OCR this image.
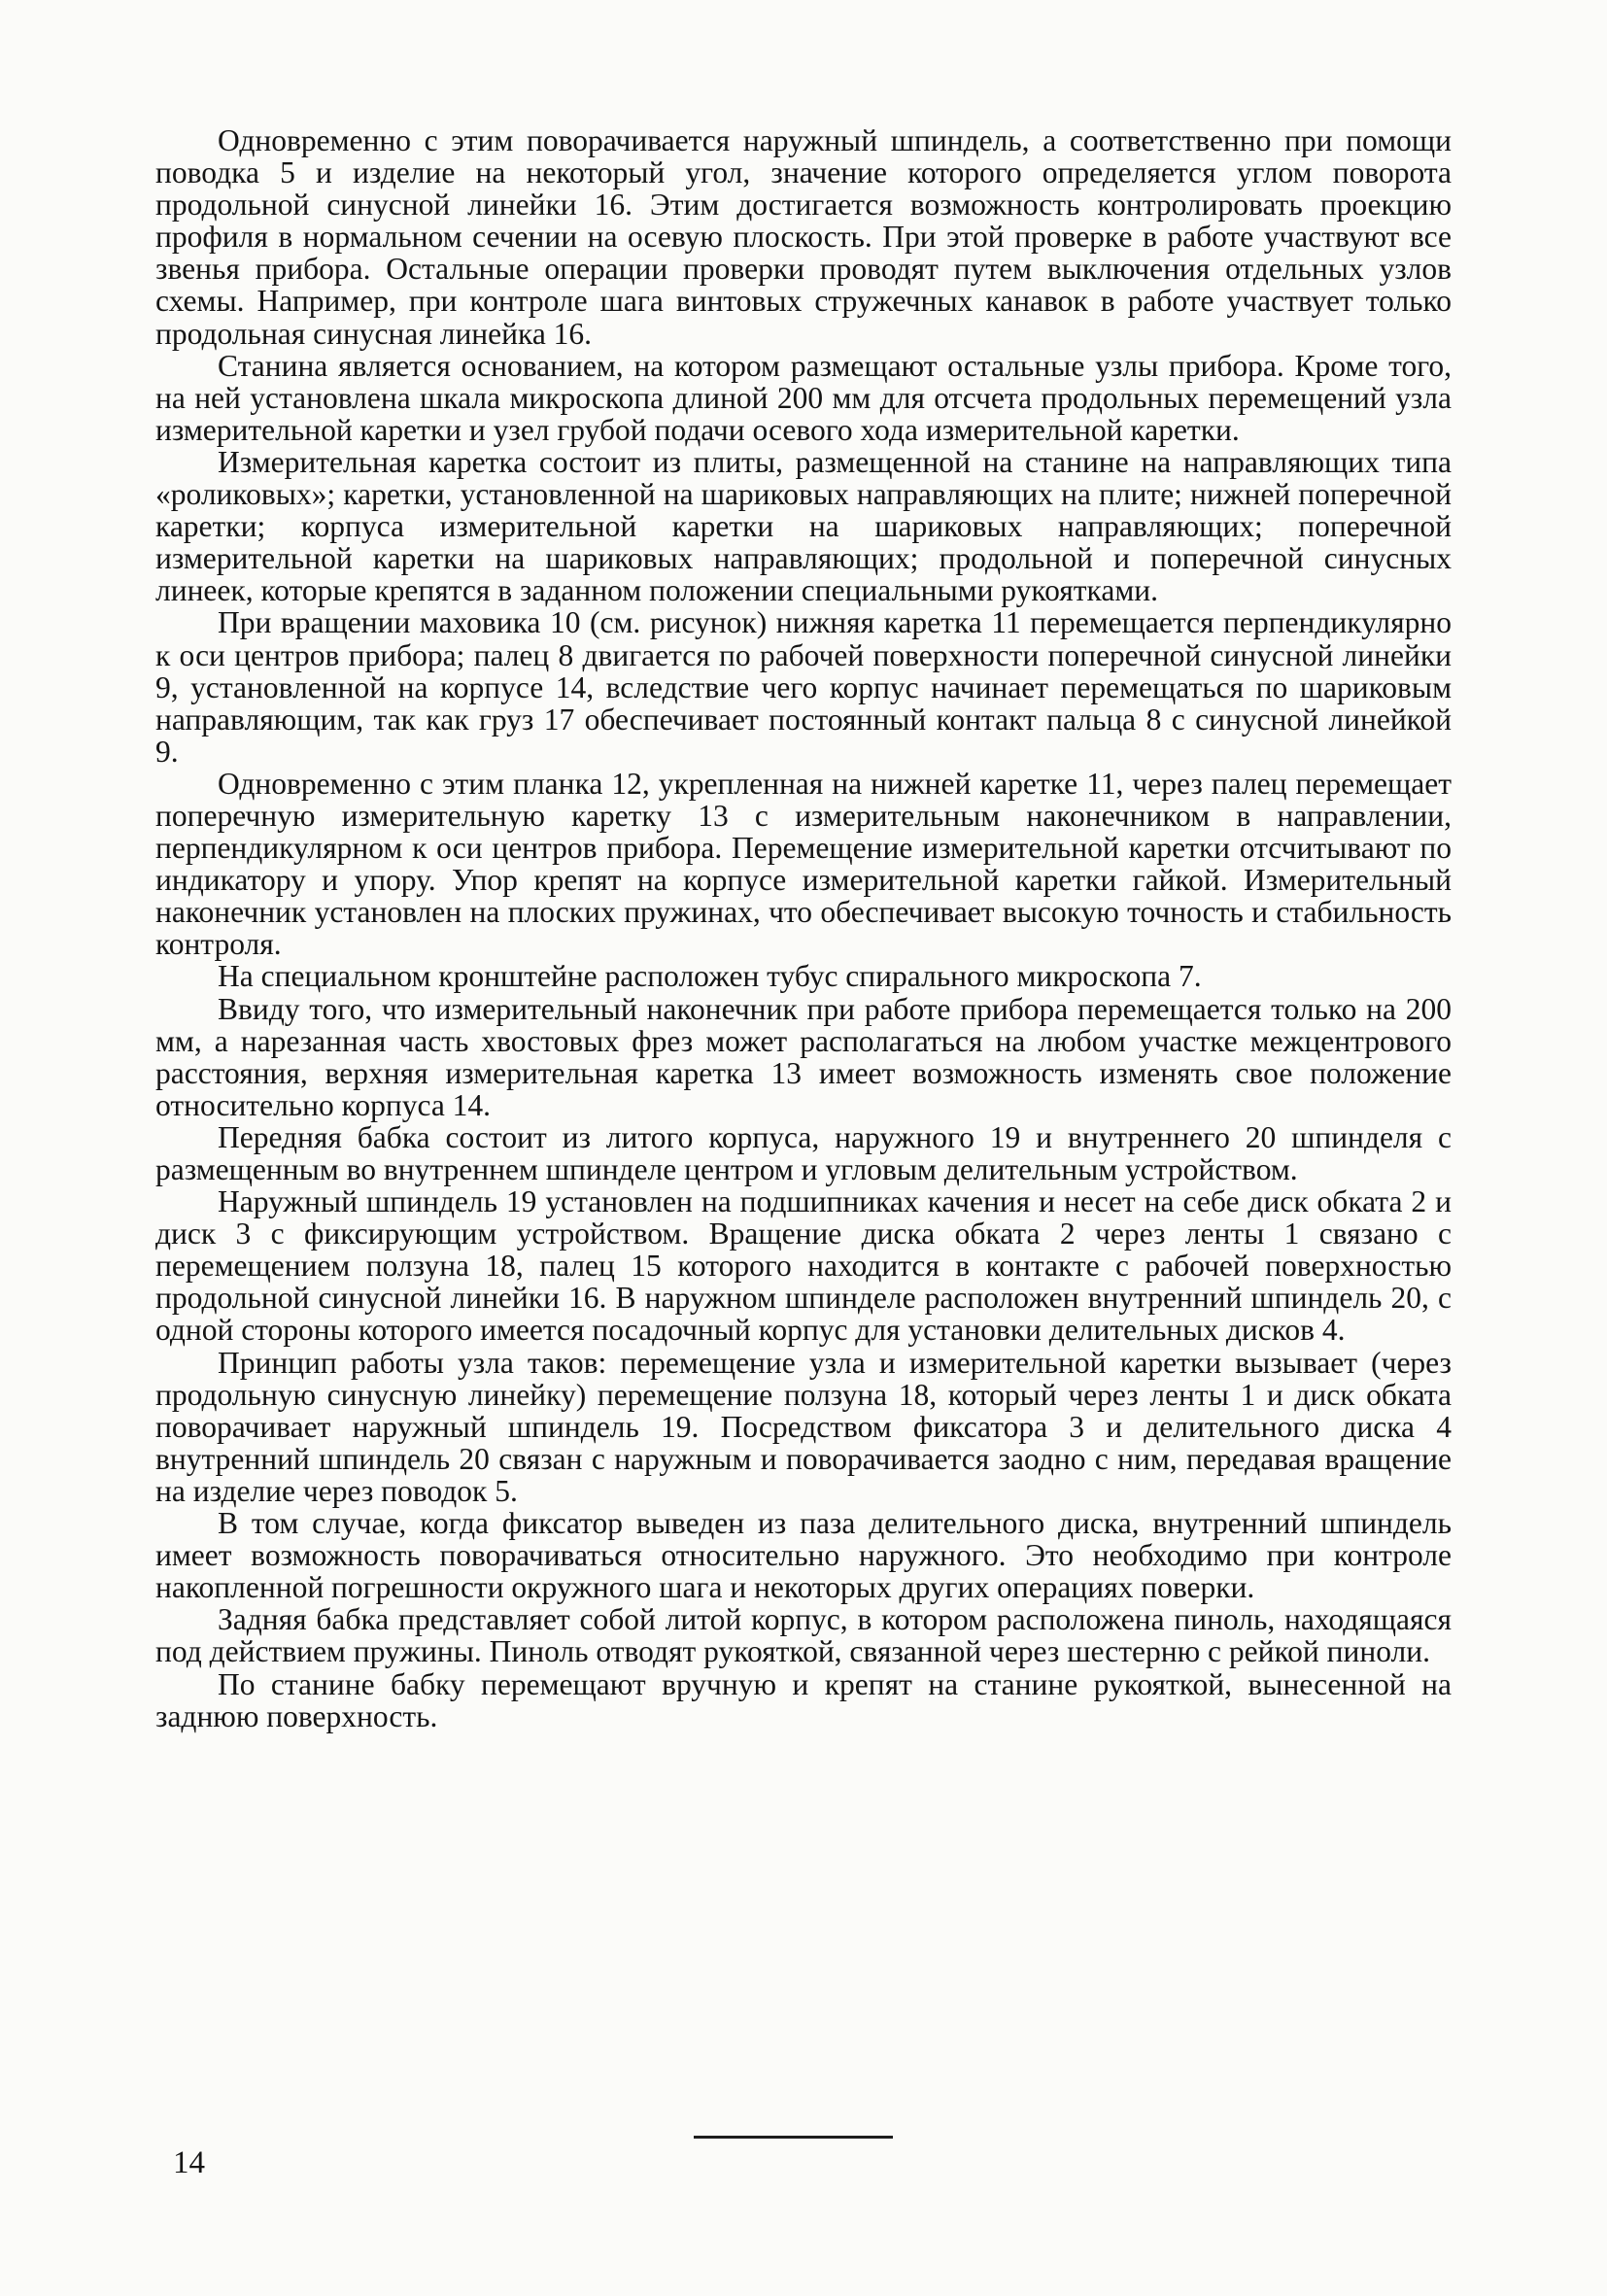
Одновременно с этим поворачивается наружный шпиндель, а соответственно при помощи поводка 5 и изделие на некоторый угол, значение которого определяется углом поворота продольной синусной линейки 16. Этим достигается возможность контролировать проекцию профиля в нормальном сечении на осевую плоскость. При этой проверке в работе участвуют все звенья прибора. Остальные операции проверки проводят путем выключения отдельных узлов схемы. Например, при контроле шага винтовых стружечных канавок в работе участвует только продольная синусная линейка 16.

Станина является основанием, на котором размещают остальные узлы прибора. Кроме того, на ней установлена шкала микроскопа длиной 200 мм для отсчета продольных перемещений узла измерительной каретки и узел грубой подачи осевого хода измерительной каретки.

Измерительная каретка состоит из плиты, размещенной на станине на направляющих типа «роликовых»; каретки, установленной на шариковых направляющих на плите; нижней поперечной каретки; корпуса измерительной каретки на шариковых направляющих; поперечной измерительной каретки на шариковых направляющих; продольной и поперечной синусных линеек, которые крепятся в заданном положении специальными рукоятками.

При вращении маховика 10 (см. рисунок) нижняя каретка 11 перемещается перпендикулярно к оси центров прибора; палец 8 двигается по рабочей поверхности поперечной синусной линейки 9, установленной на корпусе 14, вследствие чего корпус начинает перемещаться по шариковым направляющим, так как груз 17 обеспечивает постоянный контакт пальца 8 с синусной линейкой 9.

Одновременно с этим планка 12, укрепленная на нижней каретке 11, через палец перемещает поперечную измерительную каретку 13 с измерительным наконечником в направлении, перпендикулярном к оси центров прибора. Перемещение измерительной каретки отсчитывают по индикатору и упору. Упор крепят на корпусе измерительной каретки гайкой. Измерительный наконечник установлен на плоских пружинах, что обеспечивает высокую точность и стабильность контроля.

На специальном кронштейне расположен тубус спирального микроскопа 7.

Ввиду того, что измерительный наконечник при работе прибора перемещается только на 200 мм, а нарезанная часть хвостовых фрез может располагаться на любом участке межцентрового расстояния, верхняя измерительная каретка 13 имеет возможность изменять свое положение относительно корпуса 14.

Передняя бабка состоит из литого корпуса, наружного 19 и внутреннего 20 шпинделя с размещенным во внутреннем шпинделе центром и угловым делительным устройством.

Наружный шпиндель 19 установлен на подшипниках качения и несет на себе диск обката 2 и диск 3 с фиксирующим устройством. Вращение диска обката 2 через ленты 1 связано с перемещением ползуна 18, палец 15 которого находится в контакте с рабочей поверхностью продольной синусной линейки 16. В наружном шпинделе расположен внутренний шпиндель 20, с одной стороны которого имеется посадочный корпус для установки делительных дисков 4.

Принцип работы узла таков: перемещение узла и измерительной каретки вызывает (через продольную синусную линейку) перемещение ползуна 18, который через ленты 1 и диск обката поворачивает наружный шпиндель 19. Посредством фиксатора 3 и делительного диска 4 внутренний шпиндель 20 связан с наружным и поворачивается заодно с ним, передавая вращение на изделие через поводок 5.

В том случае, когда фиксатор выведен из паза делительного диска, внутренний шпиндель имеет возможность поворачиваться относительно наружного. Это необходимо при контроле накопленной погрешности окружного шага и некоторых других операциях поверки.

Задняя бабка представляет собой литой корпус, в котором расположена пиноль, находящаяся под действием пружины. Пиноль отводят рукояткой, связанной через шестерню с рейкой пиноли.

По станине бабку перемещают вручную и крепят на станине рукояткой, вынесенной на заднюю поверхность.

14
